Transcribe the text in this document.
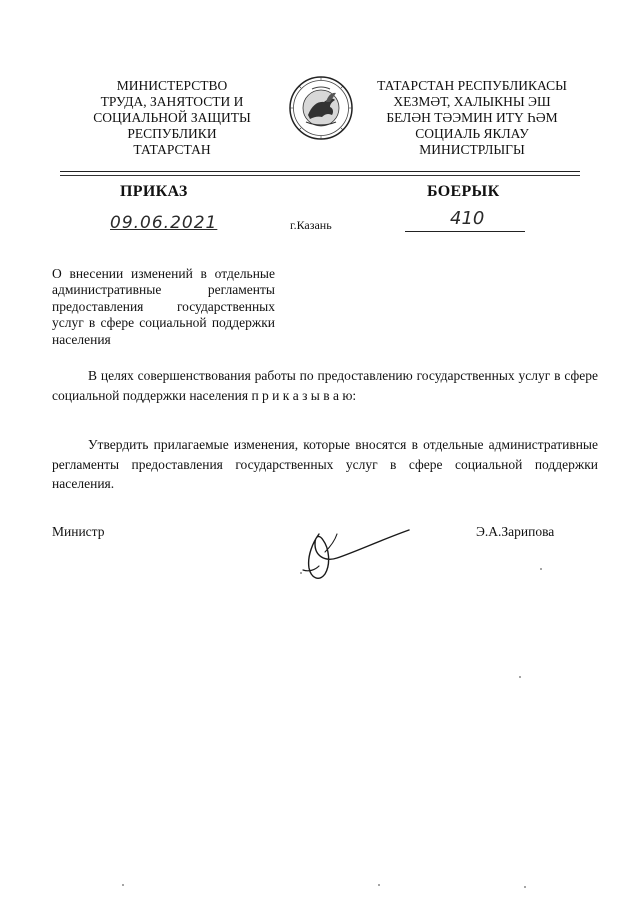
МИНИСТЕРСТВО
ТРУДА, ЗАНЯТОСТИ И
СОЦИАЛЬНОЙ ЗАЩИТЫ
РЕСПУБЛИКИ
ТАТАРСТАН
ТАТАРСТАН РЕСПУБЛИКАСЫ
ХЕЗМӘТ, ХАЛЫКНЫ ЭШ
БЕЛӘН ТӘЭМИН ИТҮ ҺӘМ
СОЦИАЛЬ ЯКЛАУ
МИНИСТРЛЫГЫ
ПРИКАЗ	БОЕРЫК
09.06.2021	г.Казань	410
О внесении изменений в отдельные административные регламенты предоставления государственных услуг в сфере социальной поддержки населения
В целях совершенствования работы по предоставлению государственных услуг в сфере социальной поддержки населения п р и к а з ы в а ю:
Утвердить прилагаемые изменения, которые вносятся в отдельные административные регламенты предоставления государственных услуг в сфере социальной поддержки населения.
Министр	Э.А.Зарипова
